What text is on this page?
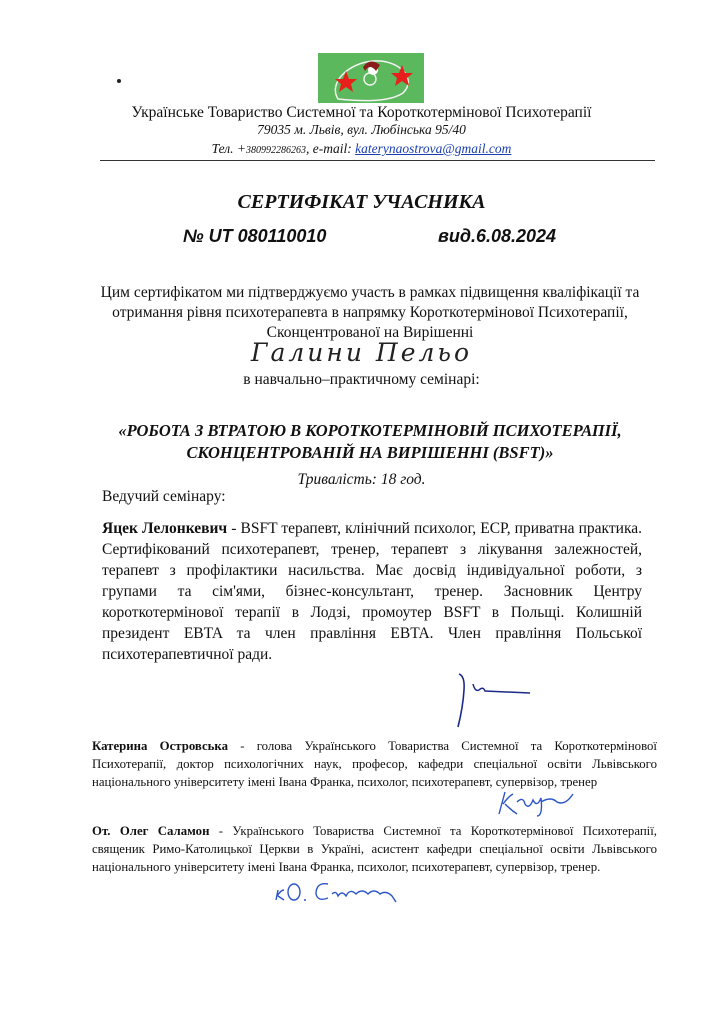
Українське Товариство Системної та Короткотермінової Психотерапії
79035 м. Львів, вул. Любінська 95/40
Тел. +380992286263, e-mail: katerynaostrova@gmail.com
СЕРТИФІКАТ УЧАСНИКА
№ UT 080110010	вид.6.08.2024
Цим сертифікатом ми підтверджуємо участь в рамках підвищення кваліфікації та отримання рівня психотерапевта в напрямку Короткотермінової Психотерапії, Сконцентрованої на Вирішенні
Галини Пельо
в навчально–практичному семінарі:
«РОБОТА З ВТРАТОЮ В КОРОТКОТЕРМІНОВІЙ ПСИХОТЕРАПІЇ, СКОНЦЕНТРОВАНІЙ НА ВИРІШЕННІ (BSFT)»
Тривалість: 18 год.
Ведучий семінару:
Яцек Лелонкевич - BSFT терапевт, клінічний психолог, ЕСР, приватна практика. Сертифікований психотерапевт, тренер, терапевт з лікування залежностей, терапевт з профілактики насильства. Має досвід індивідуальної роботи, з групами та сім'ями, бізнес-консультант, тренер. Засновник Центру короткотермінової терапії в Лодзі, промоутер BSFT в Польщі. Колишній президент EBTA та член правління EBTA. Член правління Польської психотерапевтичної ради.
Катерина Островська - голова Українського Товариства Системної та Короткотермінової Психотерапії, доктор психологічних наук, професор, кафедри спеціальної освіти Львівського національного університету імені Івана Франка, психолог, психотерапевт, супервізор, тренер
От. Олег Саламон - Українського Товариства Системної та Короткотермінової Психотерапії, священик Римо-Католицької Церкви в Україні, асистент кафедри спеціальної освіти Львівського національного університету імені Івана Франка, психолог, психотерапевт, супервізор, тренер.
